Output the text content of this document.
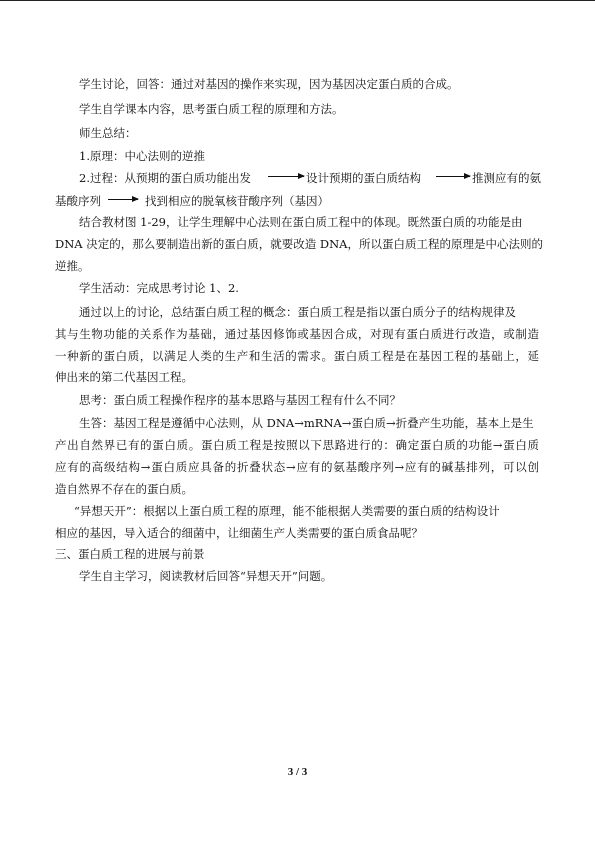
学生讨论，回答：通过对基因的操作来实现，因为基因决定蛋白质的合成。
学生自学课本内容，思考蛋白质工程的原理和方法。
师生总结：
1.原理：中心法则的逆推
2.过程：从预期的蛋白质功能出发	设计预期的蛋白质结构	推测应有的氨
基酸序列	找到相应的脱氧核苷酸序列（基因）
结合教材图 1-29，让学生理解中心法则在蛋白质工程中的体现。既然蛋白质的功能是由
DNA 决定的，那么要制造出新的蛋白质，就要改造 DNA，所以蛋白质工程的原理是中心法则的
逆推。
学生活动：完成思考讨论 1、2.
通过以上的讨论，总结蛋白质工程的概念：蛋白质工程是指以蛋白质分子的结构规律及
其与生物功能的关系作为基础，通过基因修饰或基因合成，对现有蛋白质进行改造，或制造
一种新的蛋白质，以满足人类的生产和生活的需求。蛋白质工程是在基因工程的基础上，延
伸出来的第二代基因工程。
思考：蛋白质工程操作程序的基本思路与基因工程有什么不同？
生答：基因工程是遵循中心法则，从 DNA→mRNA→蛋白质→折叠产生功能，基本上是生
产出自然界已有的蛋白质。蛋白质工程是按照以下思路进行的：确定蛋白质的功能→蛋白质
应有的高级结构→蛋白质应具备的折叠状态→应有的氨基酸序列→应有的碱基排列，可以创
造自然界不存在的蛋白质。
“异想天开”：根据以上蛋白质工程的原理，能不能根据人类需要的蛋白质的结构设计
相应的基因，导入适合的细菌中，让细菌生产人类需要的蛋白质食品呢？
三、蛋白质工程的进展与前景
学生自主学习，阅读教材后回答“异想天开”问题。
3 / 3
